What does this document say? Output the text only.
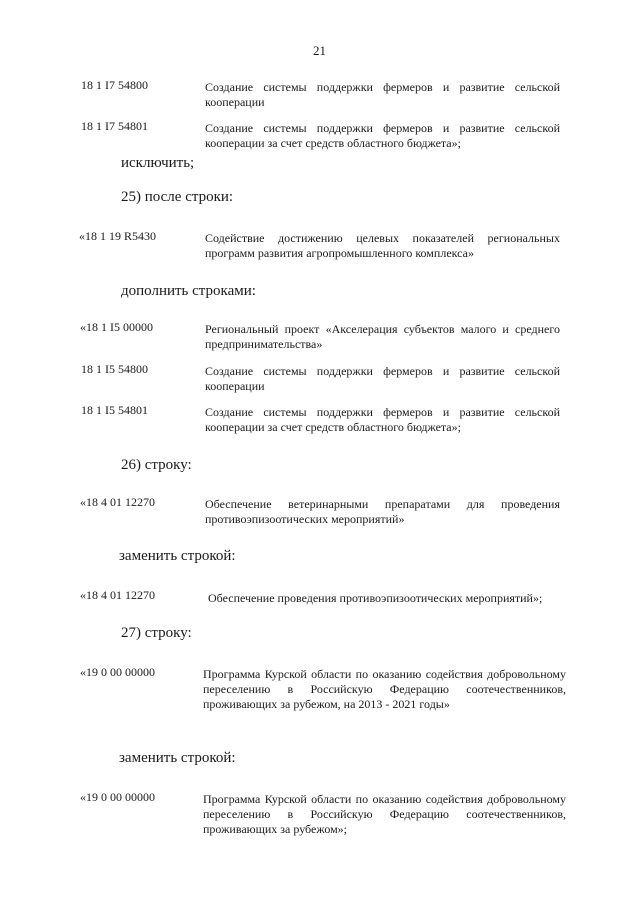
21
18 1 I7 54800	Создание системы поддержки фермеров и развитие сельской кооперации
18 1 I7 54801	Создание системы поддержки фермеров и развитие сельской кооперации за счет средств областного бюджета»;
исключить;
25) после строки:
«18 1 19 R5430	Содействие достижению целевых показателей региональных программ развития агропромышленного комплекса»
дополнить строками:
«18 1 I5 00000	Региональный проект «Акселерация субъектов малого и среднего предпринимательства»
18 1 I5 54800	Создание системы поддержки фермеров и развитие сельской кооперации
18 1 I5 54801	Создание системы поддержки фермеров и развитие сельской кооперации за счет средств областного бюджета»;
26) строку:
«18 4 01 12270	Обеспечение ветеринарными препаратами для проведения противоэпизоотических мероприятий»
заменить строкой:
«18 4 01 12270	Обеспечение проведения противоэпизоотических мероприятий»;
27) строку:
«19 0 00 00000	Программа Курской области по оказанию содействия добровольному переселению в Российскую Федерацию соотечественников, проживающих за рубежом, на 2013 - 2021 годы»
заменить строкой:
«19 0 00 00000	Программа Курской области по оказанию содействия добровольному переселению в Российскую Федерацию соотечественников, проживающих за рубежом»;
